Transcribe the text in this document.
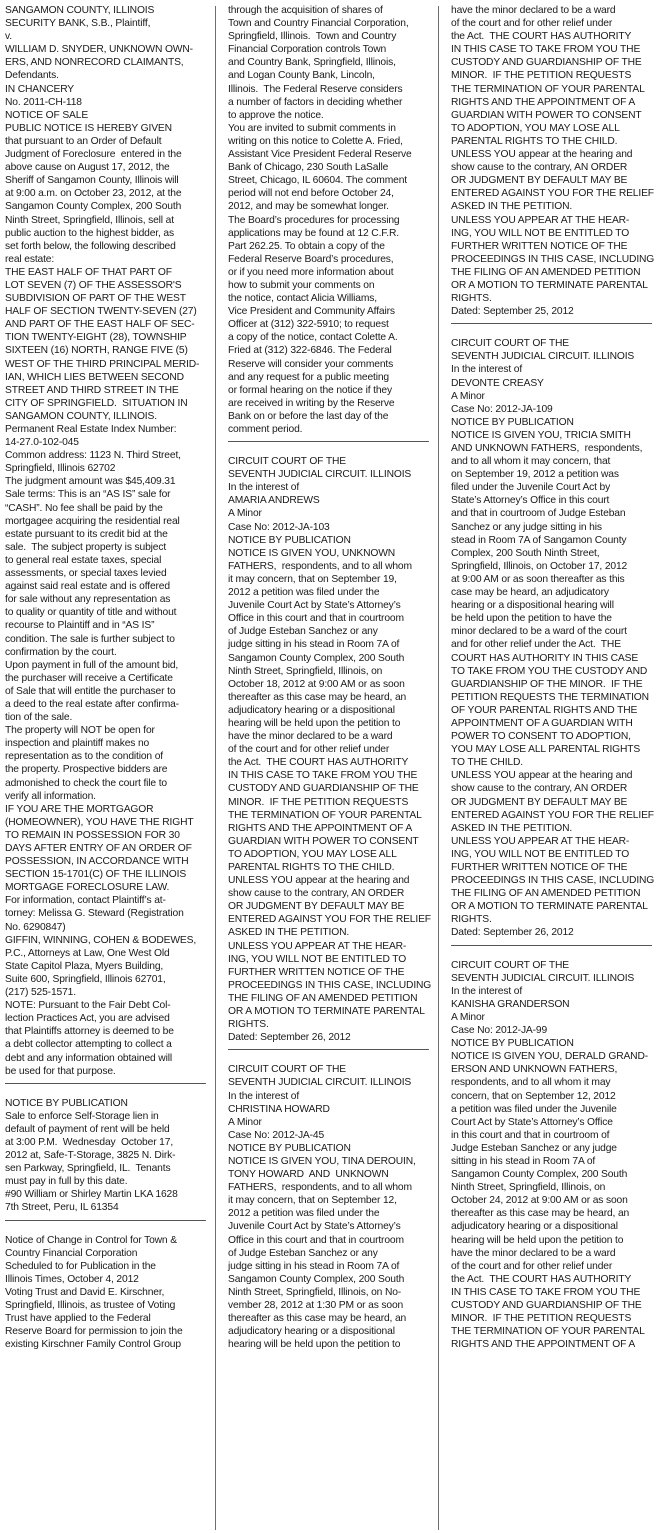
SANGAMON COUNTY, ILLINOIS
SECURITY BANK, S.B., Plaintiff,
v.
WILLIAM D. SNYDER, UNKNOWN OWN-
ERS, AND NONRECORD CLAIMANTS,
Defendants.
IN CHANCERY
No. 2011-CH-118
NOTICE OF SALE
PUBLIC NOTICE IS HEREBY GIVEN
that pursuant to an Order of Default
Judgment of Foreclosure  entered in the
above cause on August 17, 2012, the
Sheriff of Sangamon County, Illinois will
at 9:00 a.m. on October 23, 2012, at the
Sangamon County Complex, 200 South
Ninth Street, Springfield, Illinois, sell at
public auction to the highest bidder, as
set forth below, the following described
real estate:
THE EAST HALF OF THAT PART OF
LOT SEVEN (7) OF THE ASSESSOR'S
SUBDIVISION OF PART OF THE WEST
HALF OF SECTION TWENTY-SEVEN (27)
AND PART OF THE EAST HALF OF SEC-
TION TWENTY-EIGHT (28), TOWNSHIP
SIXTEEN (16) NORTH, RANGE FIVE (5)
WEST OF THE THIRD PRINCIPAL MERID-
IAN, WHICH LIES BETWEEN SECOND
STREET AND THIRD STREET IN THE
CITY OF SPRINGFIELD.  SITUATION IN
SANGAMON COUNTY, ILLINOIS.
Permanent Real Estate Index Number:
14-27.0-102-045
Common address: 1123 N. Third Street,
Springfield, Illinois 62702
The judgment amount was $45,409.31
Sale terms: This is an “AS IS” sale for
“CASH”. No fee shall be paid by the
mortgagee acquiring the residential real
estate pursuant to its credit bid at the
sale.  The subject property is subject
to general real estate taxes, special
assessments, or special taxes levied
against said real estate and is offered
for sale without any representation as
to quality or quantity of title and without
recourse to Plaintiff and in “AS IS”
condition. The sale is further subject to
confirmation by the court.
Upon payment in full of the amount bid,
the purchaser will receive a Certificate
of Sale that will entitle the purchaser to
a deed to the real estate after confirma-
tion of the sale.
The property will NOT be open for
inspection and plaintiff makes no
representation as to the condition of
the property. Prospective bidders are
admonished to check the court file to
verify all information.
IF YOU ARE THE MORTGAGOR
(HOMEOWNER), YOU HAVE THE RIGHT
TO REMAIN IN POSSESSION FOR 30
DAYS AFTER ENTRY OF AN ORDER OF
POSSESSION, IN ACCORDANCE WITH
SECTION 15-1701(C) OF THE ILLINOIS
MORTGAGE FORECLOSURE LAW.
For information, contact Plaintiff’s at-
torney: Melissa G. Steward (Registration
No. 6290847)
GIFFIN, WINNING, COHEN & BODEWES,
P.C., Attorneys at Law, One West Old
State Capitol Plaza, Myers Building,
Suite 600, Springfield, Illinois 62701,
(217) 525-1571.
NOTE: Pursuant to the Fair Debt Col-
lection Practices Act, you are advised
that Plaintiffs attorney is deemed to be
a debt collector attempting to collect a
debt and any information obtained will
be used for that purpose.
NOTICE BY PUBLICATION
Sale to enforce Self-Storage lien in
default of payment of rent will be held
at 3:00 P.M.  Wednesday  October 17,
2012 at, Safe-T-Storage, 3825 N. Dirk-
sen Parkway, Springfield, IL.  Tenants
must pay in full by this date.
#90 William or Shirley Martin LKA 1628
7th Street, Peru, IL 61354
Notice of Change in Control for Town &
Country Financial Corporation
Scheduled to for Publication in the
Illinois Times, October 4, 2012
Voting Trust and David E. Kirschner,
Springfield, Illinois, as trustee of Voting
Trust have applied to the Federal
Reserve Board for permission to join the
existing Kirschner Family Control Group
through the acquisition of shares of
Town and Country Financial Corporation,
Springfield, Illinois.  Town and Country
Financial Corporation controls Town
and Country Bank, Springfield, Illinois,
and Logan County Bank, Lincoln,
Illinois.  The Federal Reserve considers
a number of factors in deciding whether
to approve the notice.
You are invited to submit comments in
writing on this notice to Colette A. Fried,
Assistant Vice President Federal Reserve
Bank of Chicago, 230 South LaSalle
Street, Chicago, IL 60604. The comment
period will not end before October 24,
2012, and may be somewhat longer.
The Board’s procedures for processing
applications may be found at 12 C.F.R.
Part 262.25. To obtain a copy of the
Federal Reserve Board’s procedures,
or if you need more information about
how to submit your comments on
the notice, contact Alicia Williams,
Vice President and Community Affairs
Officer at (312) 322-5910; to request
a copy of the notice, contact Colette A.
Fried at (312) 322-6846. The Federal
Reserve will consider your comments
and any request for a public meeting
or formal hearing on the notice if they
are received in writing by the Reserve
Bank on or before the last day of the
comment period.
CIRCUIT COURT OF THE
SEVENTH JUDICIAL CIRCUIT. ILLINOIS
In the interest of
AMARIA ANDREWS
A Minor
Case No: 2012-JA-103
NOTICE BY PUBLICATION
NOTICE IS GIVEN YOU, UNKNOWN
FATHERS,  respondents, and to all whom
it may concern, that on September 19,
2012 a petition was filed under the
Juvenile Court Act by State’s Attorney’s
Office in this court and that in courtroom
of Judge Esteban Sanchez or any
judge sitting in his stead in Room 7A of
Sangamon County Complex, 200 South
Ninth Street, Springfield, Illinois, on
October 18, 2012 at 9:00 AM or as soon
thereafter as this case may be heard, an
adjudicatory hearing or a dispositional
hearing will be held upon the petition to
have the minor declared to be a ward
of the court and for other relief under
the Act.  THE COURT HAS AUTHORITY
IN THIS CASE TO TAKE FROM YOU THE
CUSTODY AND GUARDIANSHIP OF THE
MINOR.  IF THE PETITION REQUESTS
THE TERMINATION OF YOUR PARENTAL
RIGHTS AND THE APPOINTMENT OF A
GUARDIAN WITH POWER TO CONSENT
TO ADOPTION, YOU MAY LOSE ALL
PARENTAL RIGHTS TO THE CHILD.
UNLESS YOU appear at the hearing and
show cause to the contrary, AN ORDER
OR JUDGMENT BY DEFAULT MAY BE
ENTERED AGAINST YOU FOR THE RELIEF
ASKED IN THE PETITION.
UNLESS YOU APPEAR AT THE HEAR-
ING, YOU WILL NOT BE ENTITLED TO
FURTHER WRITTEN NOTICE OF THE
PROCEEDINGS IN THIS CASE, INCLUDING
THE FILING OF AN AMENDED PETITION
OR A MOTION TO TERMINATE PARENTAL
RIGHTS.
Dated: September 26, 2012
CIRCUIT COURT OF THE
SEVENTH JUDICIAL CIRCUIT. ILLINOIS
In the interest of
CHRISTINA HOWARD
A Minor
Case No: 2012-JA-45
NOTICE BY PUBLICATION
NOTICE IS GIVEN YOU, TINA DEROUIN,
TONY HOWARD  AND  UNKNOWN
FATHERS,  respondents, and to all whom
it may concern, that on September 12,
2012 a petition was filed under the
Juvenile Court Act by State’s Attorney’s
Office in this court and that in courtroom
of Judge Esteban Sanchez or any
judge sitting in his stead in Room 7A of
Sangamon County Complex, 200 South
Ninth Street, Springfield, Illinois, on No-
vember 28, 2012 at 1:30 PM or as soon
thereafter as this case may be heard, an
adjudicatory hearing or a dispositional
hearing will be held upon the petition to
have the minor declared to be a ward
of the court and for other relief under
the Act.  THE COURT HAS AUTHORITY
IN THIS CASE TO TAKE FROM YOU THE
CUSTODY AND GUARDIANSHIP OF THE
MINOR.  IF THE PETITION REQUESTS
THE TERMINATION OF YOUR PARENTAL
RIGHTS AND THE APPOINTMENT OF A
GUARDIAN WITH POWER TO CONSENT
TO ADOPTION, YOU MAY LOSE ALL
PARENTAL RIGHTS TO THE CHILD.
UNLESS YOU appear at the hearing and
show cause to the contrary, AN ORDER
OR JUDGMENT BY DEFAULT MAY BE
ENTERED AGAINST YOU FOR THE RELIEF
ASKED IN THE PETITION.
UNLESS YOU APPEAR AT THE HEAR-
ING, YOU WILL NOT BE ENTITLED TO
FURTHER WRITTEN NOTICE OF THE
PROCEEDINGS IN THIS CASE, INCLUDING
THE FILING OF AN AMENDED PETITION
OR A MOTION TO TERMINATE PARENTAL
RIGHTS.
Dated: September 25, 2012
CIRCUIT COURT OF THE
SEVENTH JUDICIAL CIRCUIT. ILLINOIS
In the interest of
DEVONTE CREASY
A Minor
Case No: 2012-JA-109
NOTICE BY PUBLICATION
NOTICE IS GIVEN YOU, TRICIA SMITH
AND UNKNOWN FATHERS,  respondents,
and to all whom it may concern, that
on September 19, 2012 a petition was
filed under the Juvenile Court Act by
State’s Attorney’s Office in this court
and that in courtroom of Judge Esteban
Sanchez or any judge sitting in his
stead in Room 7A of Sangamon County
Complex, 200 South Ninth Street,
Springfield, Illinois, on October 17, 2012
at 9:00 AM or as soon thereafter as this
case may be heard, an adjudicatory
hearing or a dispositional hearing will
be held upon the petition to have the
minor declared to be a ward of the court
and for other relief under the Act.  THE
COURT HAS AUTHORITY IN THIS CASE
TO TAKE FROM YOU THE CUSTODY AND
GUARDIANSHIP OF THE MINOR.  IF THE
PETITION REQUESTS THE TERMINATION
OF YOUR PARENTAL RIGHTS AND THE
APPOINTMENT OF A GUARDIAN WITH
POWER TO CONSENT TO ADOPTION,
YOU MAY LOSE ALL PARENTAL RIGHTS
TO THE CHILD.
UNLESS YOU appear at the hearing and
show cause to the contrary, AN ORDER
OR JUDGMENT BY DEFAULT MAY BE
ENTERED AGAINST YOU FOR THE RELIEF
ASKED IN THE PETITION.
UNLESS YOU APPEAR AT THE HEAR-
ING, YOU WILL NOT BE ENTITLED TO
FURTHER WRITTEN NOTICE OF THE
PROCEEDINGS IN THIS CASE, INCLUDING
THE FILING OF AN AMENDED PETITION
OR A MOTION TO TERMINATE PARENTAL
RIGHTS.
Dated: September 26, 2012
CIRCUIT COURT OF THE
SEVENTH JUDICIAL CIRCUIT. ILLINOIS
In the interest of
KANISHA GRANDERSON
A Minor
Case No: 2012-JA-99
NOTICE BY PUBLICATION
NOTICE IS GIVEN YOU, DERALD GRAND-
ERSON AND UNKNOWN FATHERS,
respondents, and to all whom it may
concern, that on September 12, 2012
a petition was filed under the Juvenile
Court Act by State’s Attorney’s Office
in this court and that in courtroom of
Judge Esteban Sanchez or any judge
sitting in his stead in Room 7A of
Sangamon County Complex, 200 South
Ninth Street, Springfield, Illinois, on
October 24, 2012 at 9:00 AM or as soon
thereafter as this case may be heard, an
adjudicatory hearing or a dispositional
hearing will be held upon the petition to
have the minor declared to be a ward
of the court and for other relief under
the Act.  THE COURT HAS AUTHORITY
IN THIS CASE TO TAKE FROM YOU THE
CUSTODY AND GUARDIANSHIP OF THE
MINOR.  IF THE PETITION REQUESTS
THE TERMINATION OF YOUR PARENTAL
RIGHTS AND THE APPOINTMENT OF A
